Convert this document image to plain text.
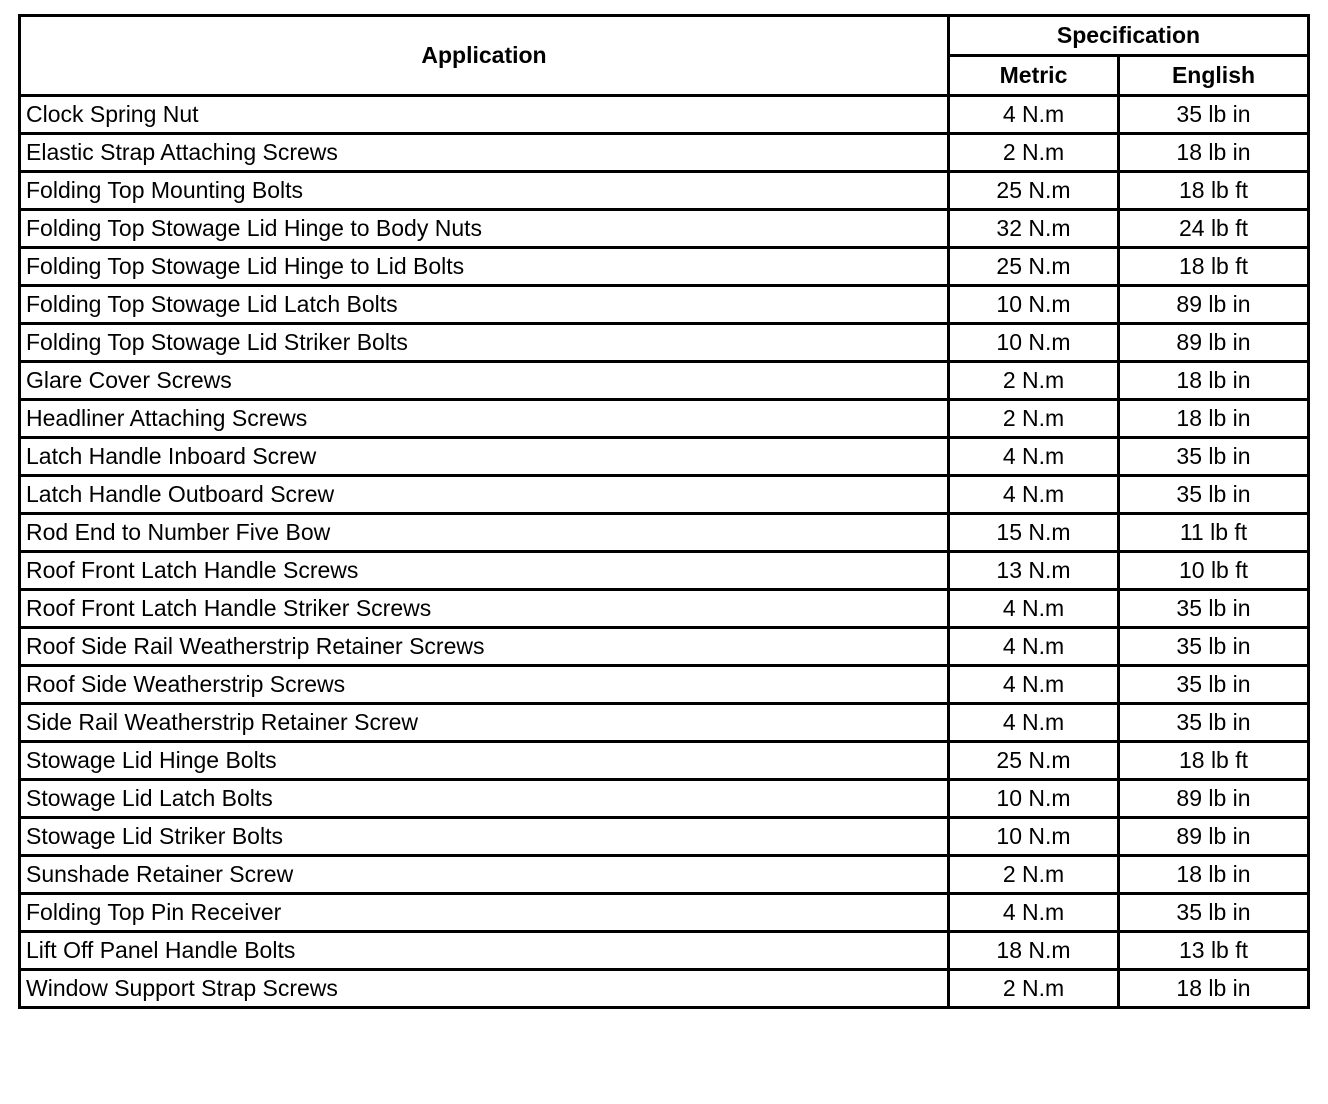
Application	Specification	
	Metric	English
Clock Spring Nut	4 N.m	35 lb in
Elastic Strap Attaching Screws	2 N.m	18 lb in
Folding Top Mounting Bolts	25 N.m	18 lb ft
Folding Top Stowage Lid Hinge to Body Nuts	32 N.m	24 lb ft
Folding Top Stowage Lid Hinge to Lid Bolts	25 N.m	18 lb ft
Folding Top Stowage Lid Latch Bolts	10 N.m	89 lb in
Folding Top Stowage Lid Striker Bolts	10 N.m	89 lb in
Glare Cover Screws	2 N.m	18 lb in
Headliner Attaching Screws	2 N.m	18 lb in
Latch Handle Inboard Screw	4 N.m	35 lb in
Latch Handle Outboard Screw	4 N.m	35 lb in
Rod End to Number Five Bow	15 N.m	11 lb ft
Roof Front Latch Handle Screws	13 N.m	10 lb ft
Roof Front Latch Handle Striker Screws	4 N.m	35 lb in
Roof Side Rail Weatherstrip Retainer Screws	4 N.m	35 lb in
Roof Side Weatherstrip Screws	4 N.m	35 lb in
Side Rail Weatherstrip Retainer Screw	4 N.m	35 lb in
Stowage Lid Hinge Bolts	25 N.m	18 lb ft
Stowage Lid Latch Bolts	10 N.m	89 lb in
Stowage Lid Striker Bolts	10 N.m	89 lb in
Sunshade Retainer Screw	2 N.m	18 lb in
Folding Top Pin Receiver	4 N.m	35 lb in
Lift Off Panel Handle Bolts	18 N.m	13 lb ft
Window Support Strap Screws	2 N.m	18 lb in
